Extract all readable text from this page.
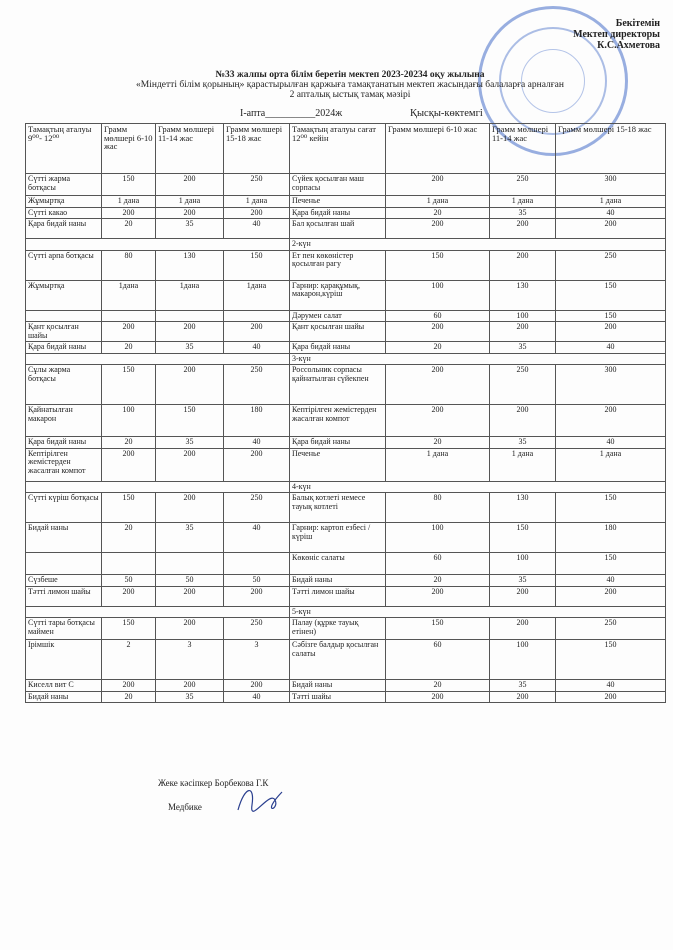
Бекітемін
Мектеп директоры
К.С.Ахметова
№33 жалпы орта білім беретін мектеп 2023-20234 оқу жылына
«Міндетті білім қорының» қарастырылған қаржыға тамақтанатын мектеп жасындағы балаларға арналған
2 апталық ыстық тамақ мәзірі
I-апта__________2024ж	Қысқы-көктемгі
Тамақтың аталуы 9⁰⁰- 12⁰⁰	Грамм мөлшері 6-10 жас	Грамм мөлшері 11-14 жас	Грамм мөлшері 15-18 жас	Тамақтың аталуы сағат 12⁰⁰ кейін	Грамм мөлшері 6-10 жас	Грамм мөлшері 11-14 жас	Грамм мөлшері 15-18 жас
Сүтті жарма ботқасы	150	200	250	Сүйек қосылған маш сорпасы	200	250	300
Жұмыртқа	1 дана	1 дана	1 дана	Печенье	1 дана	1 дана	1 дана
Сүтті какао	200	200	200	Қара бидай наны	20	35	40
Қара бидай наны	20	35	40	Бал қосылған шай	200	200	200
				2-күн			
Сүтті арпа ботқасы	80	130	150	Ет пен көкөністер қосылған рагу	150	200	250
Жұмыртқа	1дана	1дана	1дана	Гарнир: қарақұмық, макарон,күріш	100	130	150
				Дәрумен салат	60	100	150
Қант қосылған шайы	200	200	200	Қант қосылған шайы	200	200	200
Қара бидай наны	20	35	40	Қара бидай наны	20	35	40
				3-күн			
Сұлы жарма ботқасы	150	200	250	Россольник сорпасы қайнатылған сүйекпен	200	250	300
Қайнатылған макарон	100	150	180	Кептірілген жемістерден жасалған компот	200	200	200
Қара бидай наны	20	35	40	Қара бидай наны	20	35	40
Кептірілген жемістерден жасалған компот	200	200	200	Печенье	1 дана	1 дана	1 дана
				4-күн			
Сүтті күріш ботқасы	150	200	250	Балық котлеті немесе тауық котлеті	80	130	150
Бидай наны	20	35	40	Гарнир: картоп езбесі /күріш	100	150	180
				Көкөніс салаты	60	100	150
Сүзбеше	50	50	50	Бидай наны	20	35	40
Тәтті лимон шайы	200	200	200	Тәтті лимон шайы	200	200	200
				5-күн			
Сүтті тары ботқасы маймен	150	200	250	Палау (құрке тауық етінен)	150	200	250
Ірімшік	2	3	3	Сәбізге балдыр қосылған салаты	60	100	150
Киселл вит С	200	200	200	Бидай наны	20	35	40
Бидай наны	20	35	40	Тәтті шайы	200	200	200
Жеке кәсіпкер Борбекова Г.К
Медбике
